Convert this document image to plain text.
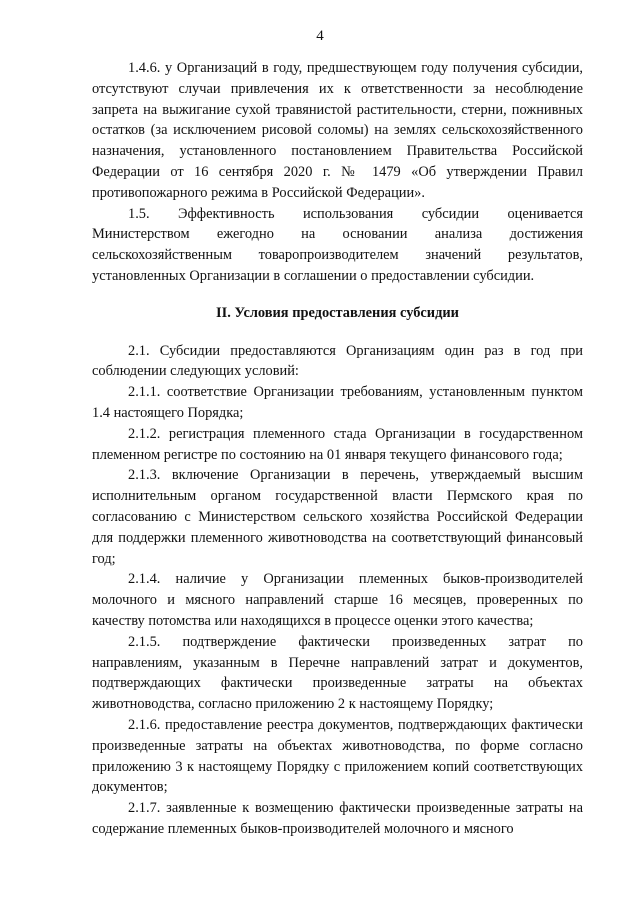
4

1.4.6. у Организаций в году, предшествующем году получения субсидии, отсутствуют случаи привлечения их к ответственности за несоблюдение запрета на выжигание сухой травянистой растительности, стерни, пожнивных остатков (за исключением рисовой соломы) на землях сельскохозяйственного назначения, установленного постановлением Правительства Российской Федерации от 16 сентября 2020 г. № 1479 «Об утверждении Правил противопожарного режима в Российской Федерации».

1.5. Эффективность использования субсидии оценивается Министерством ежегодно на основании анализа достижения сельскохозяйственным товаропроизводителем значений результатов, установленных Организации в соглашении о предоставлении субсидии.

II. Условия предоставления субсидии

2.1. Субсидии предоставляются Организациям один раз в год при соблюдении следующих условий:

2.1.1. соответствие Организации требованиям, установленным пунктом 1.4 настоящего Порядка;

2.1.2. регистрация племенного стада Организации в государственном племенном регистре по состоянию на 01 января текущего финансового года;

2.1.3. включение Организации в перечень, утверждаемый высшим исполнительным органом государственной власти Пермского края по согласованию с Министерством сельского хозяйства Российской Федерации для поддержки племенного животноводства на соответствующий финансовый год;

2.1.4. наличие у Организации племенных быков-производителей молочного и мясного направлений старше 16 месяцев, проверенных по качеству потомства или находящихся в процессе оценки этого качества;

2.1.5. подтверждение фактически произведенных затрат по направлениям, указанным в Перечне направлений затрат и документов, подтверждающих фактически произведенные затраты на объектах животноводства, согласно приложению 2 к настоящему Порядку;

2.1.6. предоставление реестра документов, подтверждающих фактически произведенные затраты на объектах животноводства, по форме согласно приложению 3 к настоящему Порядку с приложением копий соответствующих документов;

2.1.7. заявленные к возмещению фактически произведенные затраты на содержание племенных быков-производителей молочного и мясного
